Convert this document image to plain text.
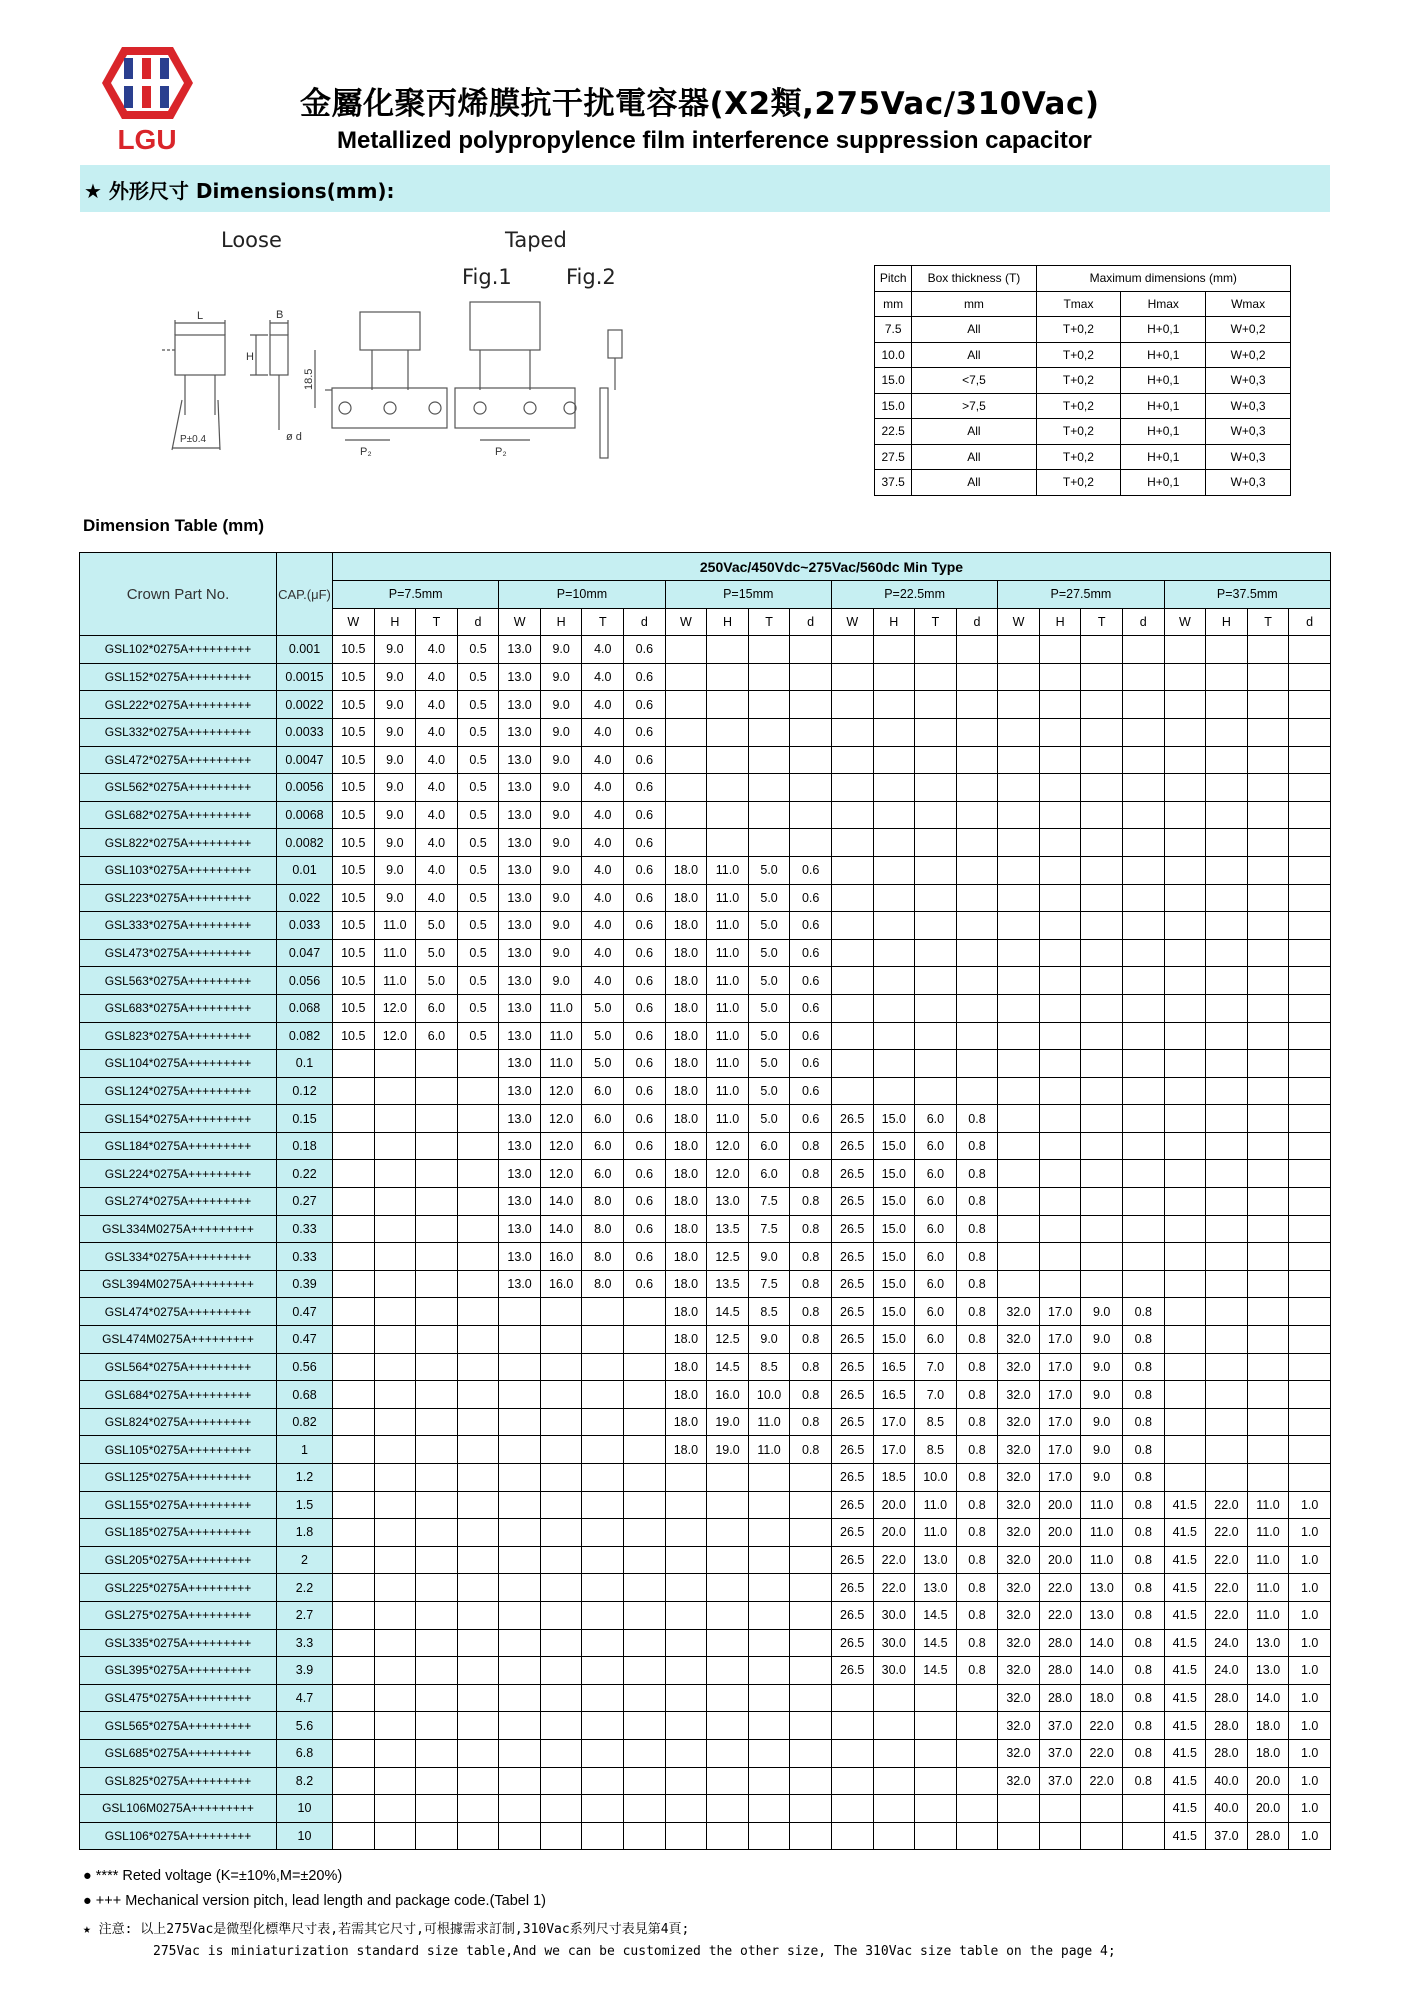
LGU
金屬化聚丙烯膜抗干扰電容器(X2類,275Vac/310Vac)
Metallized polypropylence film interference suppression capacitor
★ 外形尺寸 Dimensions(mm):
Loose	Taped
Fig.1	Fig.2
L
P±0.4
B
H
ø d
18.5
P₂	P₂
Pitch	Box thickness (T)	Maximum dimensions (mm)		
mm	mm	Tmax	Hmax	Wmax
7.5	All	T+0,2	H+0,1	W+0,2
10.0	All	T+0,2	H+0,1	W+0,2
15.0	<7,5	T+0,2	H+0,1	W+0,3
15.0	>7,5	T+0,2	H+0,1	W+0,3
22.5	All	T+0,2	H+0,1	W+0,3
27.5	All	T+0,2	H+0,1	W+0,3
37.5	All	T+0,2	H+0,1	W+0,3
Dimension Table (mm)
Crown Part No.	CAP.(μF)	250Vac/450Vdc~275Vac/560dc Min Type																							
		P=7.5mm				P=10mm				P=15mm				P=22.5mm				P=27.5mm				P=37.5mm			
		W	H	T	d	W	H	T	d	W	H	T	d	W	H	T	d	W	H	T	d	W	H	T	d
GSL102*0275A+++++++++	0.001	10.5	9.0	4.0	0.5	13.0	9.0	4.0	0.6																
GSL152*0275A+++++++++	0.0015	10.5	9.0	4.0	0.5	13.0	9.0	4.0	0.6																
GSL222*0275A+++++++++	0.0022	10.5	9.0	4.0	0.5	13.0	9.0	4.0	0.6																
GSL332*0275A+++++++++	0.0033	10.5	9.0	4.0	0.5	13.0	9.0	4.0	0.6																
GSL472*0275A+++++++++	0.0047	10.5	9.0	4.0	0.5	13.0	9.0	4.0	0.6																
GSL562*0275A+++++++++	0.0056	10.5	9.0	4.0	0.5	13.0	9.0	4.0	0.6																
GSL682*0275A+++++++++	0.0068	10.5	9.0	4.0	0.5	13.0	9.0	4.0	0.6																
GSL822*0275A+++++++++	0.0082	10.5	9.0	4.0	0.5	13.0	9.0	4.0	0.6																
GSL103*0275A+++++++++	0.01	10.5	9.0	4.0	0.5	13.0	9.0	4.0	0.6	18.0	11.0	5.0	0.6												
GSL223*0275A+++++++++	0.022	10.5	9.0	4.0	0.5	13.0	9.0	4.0	0.6	18.0	11.0	5.0	0.6												
GSL333*0275A+++++++++	0.033	10.5	11.0	5.0	0.5	13.0	9.0	4.0	0.6	18.0	11.0	5.0	0.6												
GSL473*0275A+++++++++	0.047	10.5	11.0	5.0	0.5	13.0	9.0	4.0	0.6	18.0	11.0	5.0	0.6												
GSL563*0275A+++++++++	0.056	10.5	11.0	5.0	0.5	13.0	9.0	4.0	0.6	18.0	11.0	5.0	0.6												
GSL683*0275A+++++++++	0.068	10.5	12.0	6.0	0.5	13.0	11.0	5.0	0.6	18.0	11.0	5.0	0.6												
GSL823*0275A+++++++++	0.082	10.5	12.0	6.0	0.5	13.0	11.0	5.0	0.6	18.0	11.0	5.0	0.6												
GSL104*0275A+++++++++	0.1					13.0	11.0	5.0	0.6	18.0	11.0	5.0	0.6												
GSL124*0275A+++++++++	0.12					13.0	12.0	6.0	0.6	18.0	11.0	5.0	0.6												
GSL154*0275A+++++++++	0.15					13.0	12.0	6.0	0.6	18.0	11.0	5.0	0.6	26.5	15.0	6.0	0.8								
GSL184*0275A+++++++++	0.18					13.0	12.0	6.0	0.6	18.0	12.0	6.0	0.8	26.5	15.0	6.0	0.8								
GSL224*0275A+++++++++	0.22					13.0	12.0	6.0	0.6	18.0	12.0	6.0	0.8	26.5	15.0	6.0	0.8								
GSL274*0275A+++++++++	0.27					13.0	14.0	8.0	0.6	18.0	13.0	7.5	0.8	26.5	15.0	6.0	0.8								
GSL334M0275A+++++++++	0.33					13.0	14.0	8.0	0.6	18.0	13.5	7.5	0.8	26.5	15.0	6.0	0.8								
GSL334*0275A+++++++++	0.33					13.0	16.0	8.0	0.6	18.0	12.5	9.0	0.8	26.5	15.0	6.0	0.8								
GSL394M0275A+++++++++	0.39					13.0	16.0	8.0	0.6	18.0	13.5	7.5	0.8	26.5	15.0	6.0	0.8								
GSL474*0275A+++++++++	0.47									18.0	14.5	8.5	0.8	26.5	15.0	6.0	0.8	32.0	17.0	9.0	0.8				
GSL474M0275A+++++++++	0.47									18.0	12.5	9.0	0.8	26.5	15.0	6.0	0.8	32.0	17.0	9.0	0.8				
GSL564*0275A+++++++++	0.56									18.0	14.5	8.5	0.8	26.5	16.5	7.0	0.8	32.0	17.0	9.0	0.8				
GSL684*0275A+++++++++	0.68									18.0	16.0	10.0	0.8	26.5	16.5	7.0	0.8	32.0	17.0	9.0	0.8				
GSL824*0275A+++++++++	0.82									18.0	19.0	11.0	0.8	26.5	17.0	8.5	0.8	32.0	17.0	9.0	0.8				
GSL105*0275A+++++++++	1									18.0	19.0	11.0	0.8	26.5	17.0	8.5	0.8	32.0	17.0	9.0	0.8				
GSL125*0275A+++++++++	1.2													26.5	18.5	10.0	0.8	32.0	17.0	9.0	0.8				
GSL155*0275A+++++++++	1.5													26.5	20.0	11.0	0.8	32.0	20.0	11.0	0.8	41.5	22.0	11.0	1.0
GSL185*0275A+++++++++	1.8													26.5	20.0	11.0	0.8	32.0	20.0	11.0	0.8	41.5	22.0	11.0	1.0
GSL205*0275A+++++++++	2													26.5	22.0	13.0	0.8	32.0	20.0	11.0	0.8	41.5	22.0	11.0	1.0
GSL225*0275A+++++++++	2.2													26.5	22.0	13.0	0.8	32.0	22.0	13.0	0.8	41.5	22.0	11.0	1.0
GSL275*0275A+++++++++	2.7													26.5	30.0	14.5	0.8	32.0	22.0	13.0	0.8	41.5	22.0	11.0	1.0
GSL335*0275A+++++++++	3.3													26.5	30.0	14.5	0.8	32.0	28.0	14.0	0.8	41.5	24.0	13.0	1.0
GSL395*0275A+++++++++	3.9													26.5	30.0	14.5	0.8	32.0	28.0	14.0	0.8	41.5	24.0	13.0	1.0
GSL475*0275A+++++++++	4.7																	32.0	28.0	18.0	0.8	41.5	28.0	14.0	1.0
GSL565*0275A+++++++++	5.6																	32.0	37.0	22.0	0.8	41.5	28.0	18.0	1.0
GSL685*0275A+++++++++	6.8																	32.0	37.0	22.0	0.8	41.5	28.0	18.0	1.0
GSL825*0275A+++++++++	8.2																	32.0	37.0	22.0	0.8	41.5	40.0	20.0	1.0
GSL106M0275A+++++++++	10																					41.5	40.0	20.0	1.0
GSL106*0275A+++++++++	10																					41.5	37.0	28.0	1.0
● **** Reted voltage (K=±10%,M=±20%)
● +++ Mechanical version pitch, lead length and package code.(Tabel 1)
★ 注意: 以上275Vac是微型化標準尺寸表,若需其它尺寸,可根據需求訂制,310Vac系列尺寸表見第4頁;
275Vac is miniaturization standard size table,And we can be customized the other size, The 310Vac size table on the page 4;
